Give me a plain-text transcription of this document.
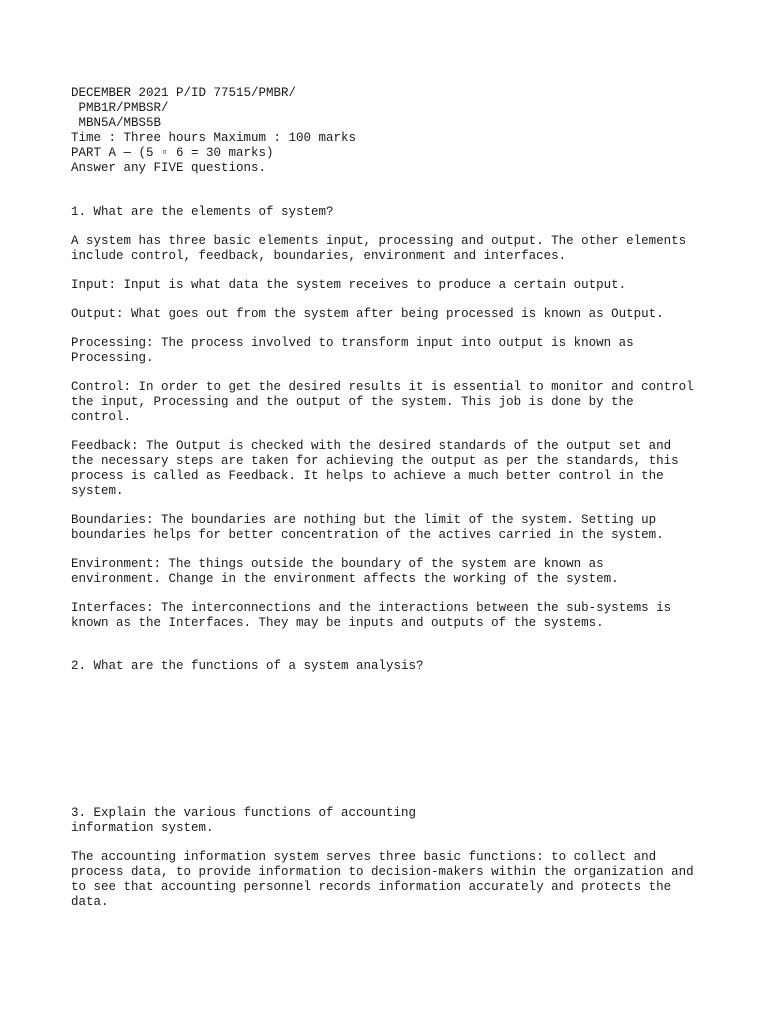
DECEMBER 2021 P/ID 77515/PMBR/

PMB1R/PMBSR/

MBN5A/MBS5B

Time : Three hours Maximum : 100 marks

PART A — (5 ▫ 6 = 30 marks)

Answer any FIVE questions.

1. What are the elements of system?

A system has three basic elements input, processing and output. The other elements

include control, feedback, boundaries, environment and interfaces.

Input: Input is what data the system receives to produce a certain output.

Output: What goes out from the system after being processed is known as Output.

Processing: The process involved to transform input into output is known as

Processing.

Control: In order to get the desired results it is essential to monitor and control

the input, Processing and the output of the system. This job is done by the

control.

Feedback: The Output is checked with the desired standards of the output set and

the necessary steps are taken for achieving the output as per the standards, this

process is called as Feedback. It helps to achieve a much better control in the

system.

Boundaries: The boundaries are nothing but the limit of the system. Setting up

boundaries helps for better concentration of the actives carried in the system.

Environment: The things outside the boundary of the system are known as

environment. Change in the environment affects the working of the system.

Interfaces: The interconnections and the interactions between the sub-systems is

known as the Interfaces. They may be inputs and outputs of the systems.

2. What are the functions of a system analysis?

3. Explain the various functions of accounting

information system.

The accounting information system serves three basic functions: to collect and

process data, to provide information to decision-makers within the organization and

to see that accounting personnel records information accurately and protects the

data.
